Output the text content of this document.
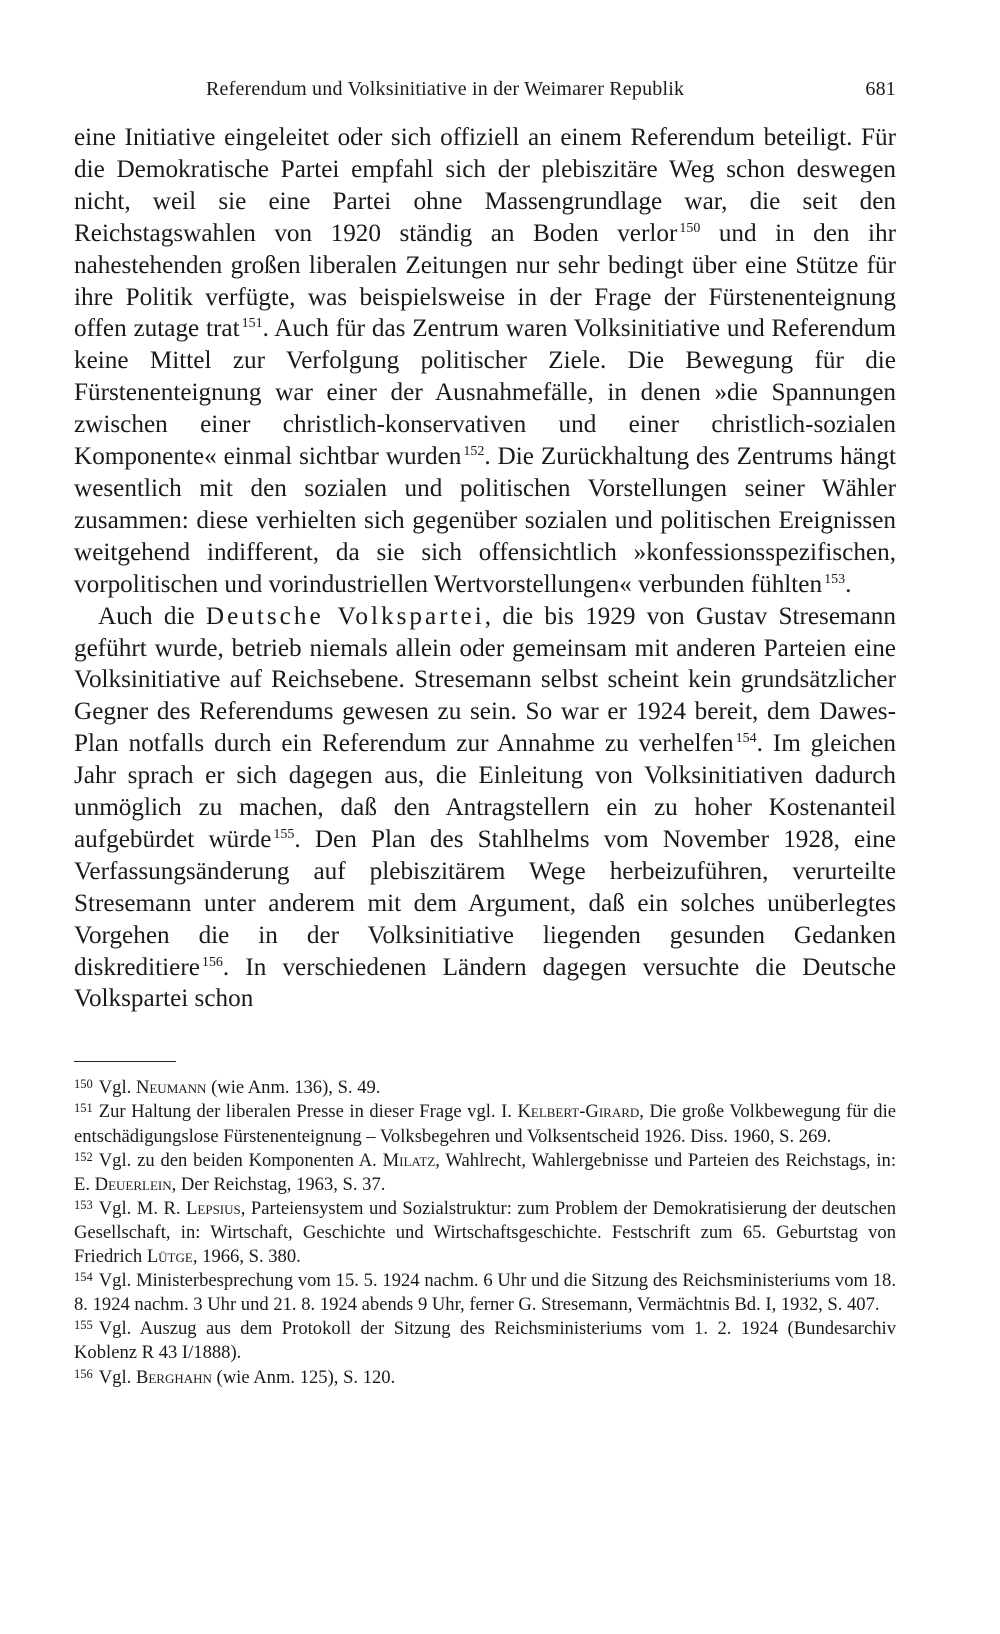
Referendum und Volksinitiative in der Weimarer Republik	681

eine Initiative eingeleitet oder sich offiziell an einem Referendum beteiligt. Für die Demokratische Partei empfahl sich der plebiszitäre Weg schon deswegen nicht, weil sie eine Partei ohne Massengrundlage war, die seit den Reichstagswahlen von 1920 ständig an Boden verlor $^{150}$ und in den ihr nahestehenden großen liberalen Zeitungen nur sehr bedingt über eine Stütze für ihre Politik verfügte, was beispielsweise in der Frage der Fürstenenteignung offen zutage trat $^{151}$. Auch für das Zentrum waren Volksinitiative und Referendum keine Mittel zur Verfolgung politischer Ziele. Die Bewegung für die Fürstenenteignung war einer der Ausnahmefälle, in denen »die Spannungen zwischen einer christlich-konservativen und einer christlich-sozialen Komponente« einmal sichtbar wurden $^{152}$. Die Zurückhaltung des Zentrums hängt wesentlich mit den sozialen und politischen Vorstellungen seiner Wähler zusammen: diese verhielten sich gegenüber sozialen und politischen Ereignissen weitgehend indifferent, da sie sich offensichtlich »konfessionsspezifischen, vorpolitischen und vorindustriellen Wertvorstellungen« verbunden fühlten $^{153}$.

Auch die Deutsche Volkspartei, die bis 1929 von Gustav Stresemann geführt wurde, betrieb niemals allein oder gemeinsam mit anderen Parteien eine Volksinitiative auf Reichsebene. Stresemann selbst scheint kein grundsätzlicher Gegner des Referendums gewesen zu sein. So war er 1924 bereit, dem Dawes-Plan notfalls durch ein Referendum zur Annahme zu verhelfen $^{154}$. Im gleichen Jahr sprach er sich dagegen aus, die Einleitung von Volksinitiativen dadurch unmöglich zu machen, daß den Antragstellern ein zu hoher Kostenanteil aufgebürdet würde $^{155}$. Den Plan des Stahlhelms vom November 1928, eine Verfassungsänderung auf plebiszitärem Wege herbeizuführen, verurteilte Stresemann unter anderem mit dem Argument, daß ein solches unüberlegtes Vorgehen die in der Volksinitiative liegenden gesunden Gedanken diskreditiere $^{156}$. In verschiedenen Ländern dagegen versuchte die Deutsche Volkspartei schon

$^{150}$ Vgl. Neumann (wie Anm. 136), S. 49.

$^{151}$ Zur Haltung der liberalen Presse in dieser Frage vgl. I. Kelbert-Girard, Die große Volkbewegung für die entschädigungslose Fürstenenteignung – Volksbegehren und Volksentscheid 1926. Diss. 1960, S. 269.

$^{152}$ Vgl. zu den beiden Komponenten A. Milatz, Wahlrecht, Wahlergebnisse und Parteien des Reichstags, in: E. Deuerlein, Der Reichstag, 1963, S. 37.

$^{153}$ Vgl. M. R. Lepsius, Parteiensystem und Sozialstruktur: zum Problem der Demokratisierung der deutschen Gesellschaft, in: Wirtschaft, Geschichte und Wirtschaftsgeschichte. Festschrift zum 65. Geburtstag von Friedrich Lütge, 1966, S. 380.

$^{154}$ Vgl. Ministerbesprechung vom 15. 5. 1924 nachm. 6 Uhr und die Sitzung des Reichsministeriums vom 18. 8. 1924 nachm. 3 Uhr und 21. 8. 1924 abends 9 Uhr, ferner G. Stresemann, Vermächtnis Bd. I, 1932, S. 407.

$^{155}$ Vgl. Auszug aus dem Protokoll der Sitzung des Reichsministeriums vom 1. 2. 1924 (Bundesarchiv Koblenz R 43 I/1888).

$^{156}$ Vgl. Berghahn (wie Anm. 125), S. 120.
